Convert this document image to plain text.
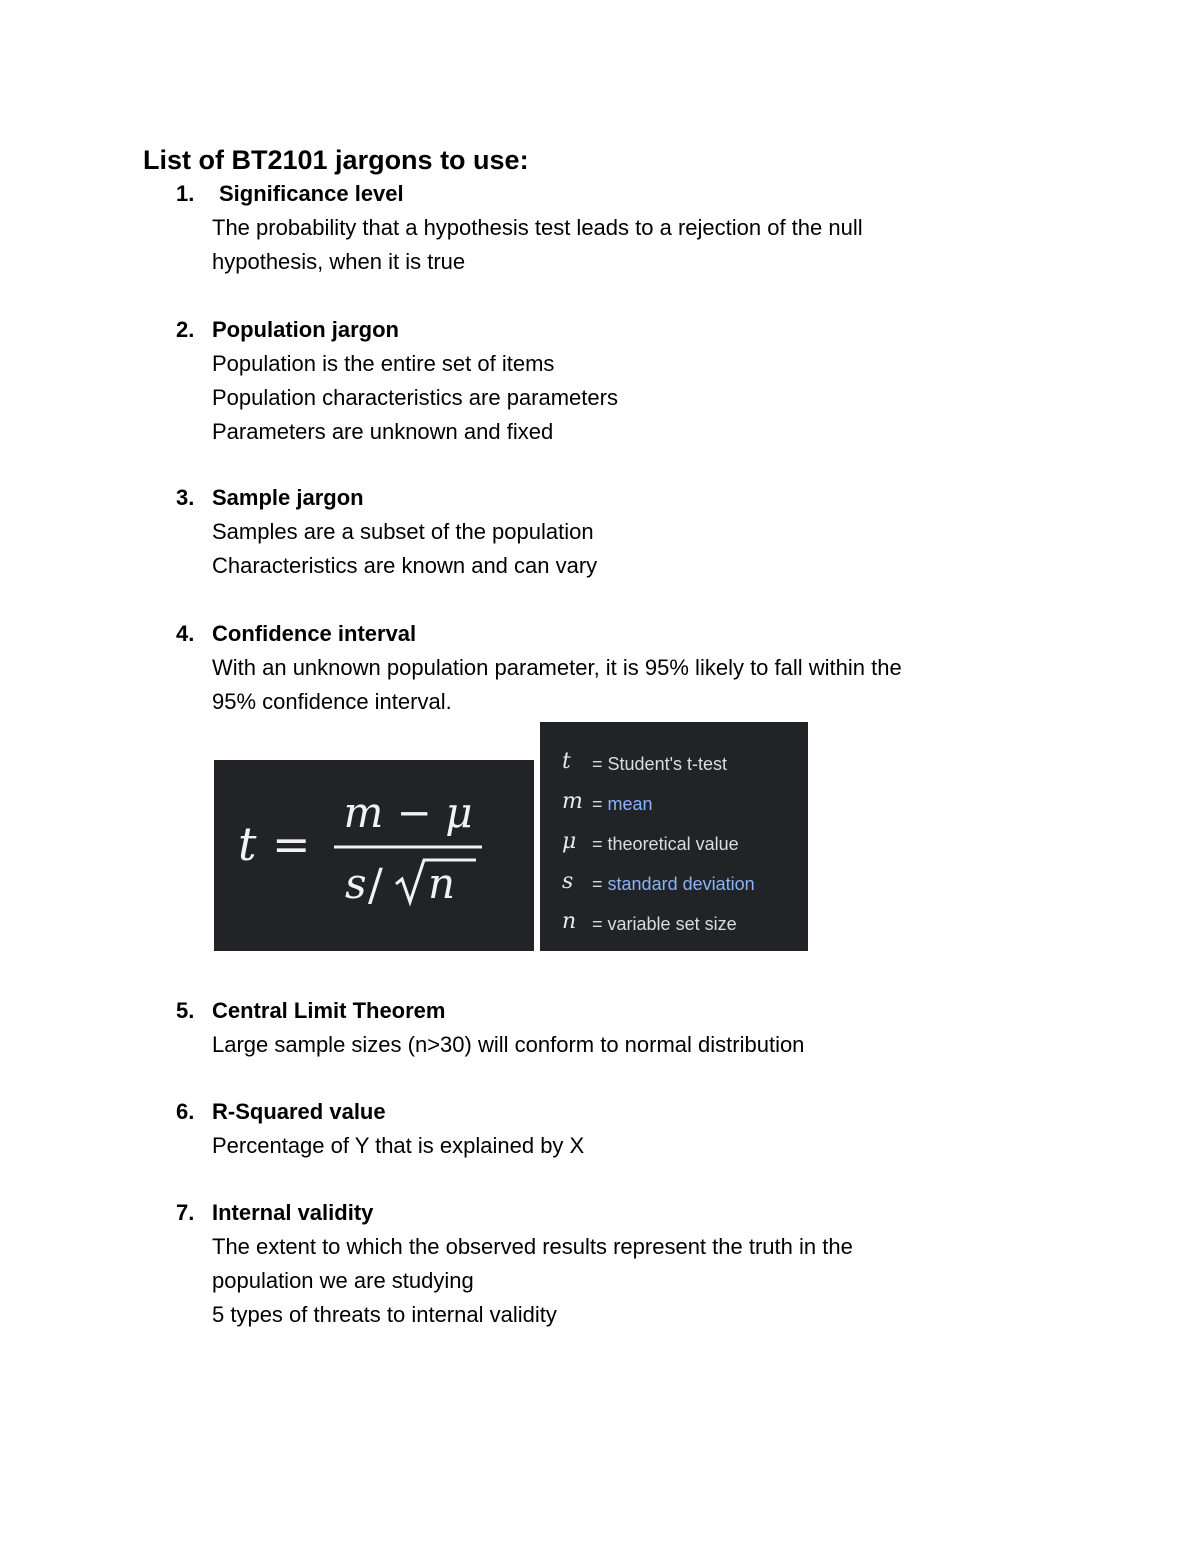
List of BT2101 jargons to use:
1. Significance level
The probability that a hypothesis test leads to a rejection of the null
hypothesis, when it is true
2. Population jargon
Population is the entire set of items
Population characteristics are parameters
Parameters are unknown and fixed
3. Sample jargon
Samples are a subset of the population
Characteristics are known and can vary
4. Confidence interval
With an unknown population parameter, it is 95% likely to fall within the
95% confidence interval.
t =
m − μ
s / n
t = Student's t-test
m = mean
μ = theoretical value
s = standard deviation
n = variable set size
5. Central Limit Theorem
Large sample sizes (n>30) will conform to normal distribution
6. R-Squared value
Percentage of Y that is explained by X
7. Internal validity
The extent to which the observed results represent the truth in the
population we are studying
5 types of threats to internal validity
